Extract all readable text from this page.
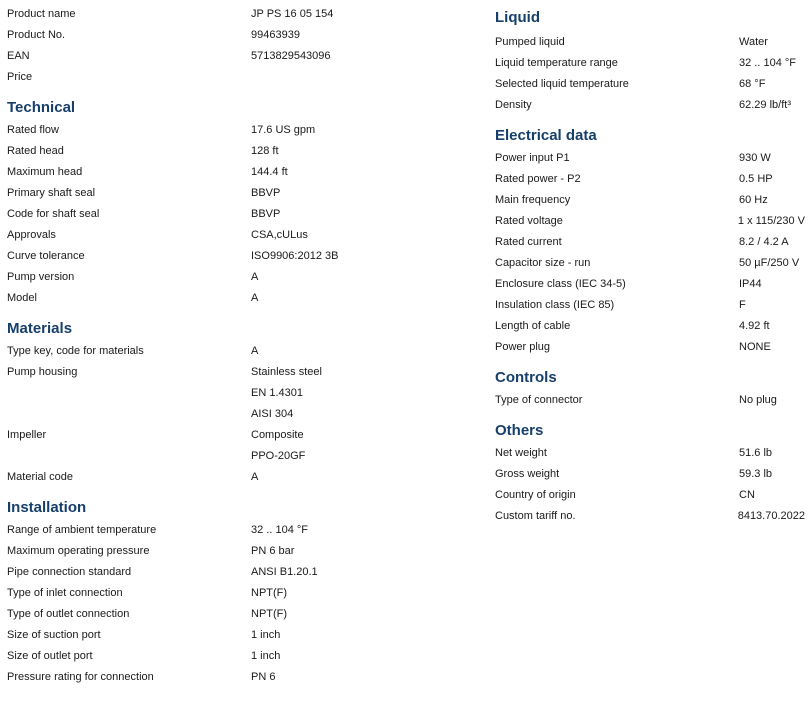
Product name	JP PS 16 05 154
Product No.	99463939
EAN	5713829543096
Price
Technical
Rated flow	17.6 US gpm
Rated head	128 ft
Maximum head	144.4 ft
Primary shaft seal	BBVP
Code for shaft seal	BBVP
Approvals	CSA,cULus
Curve tolerance	ISO9906:2012 3B
Pump version	A
Model	A
Materials
Type key, code for materials	A
Pump housing	Stainless steel
EN 1.4301
AISI 304
Impeller	Composite
PPO-20GF
Material code	A
Installation
Range of ambient temperature	32 .. 104 °F
Maximum operating pressure	PN 6 bar
Pipe connection standard	ANSI B1.20.1
Type of inlet connection	NPT(F)
Type of outlet connection	NPT(F)
Size of suction port	1 inch
Size of outlet port	1 inch
Pressure rating for connection	PN 6
Liquid
Pumped liquid	Water
Liquid temperature range	32 .. 104 °F
Selected liquid temperature	68 °F
Density	62.29 lb/ft³
Electrical data
Power input P1	930 W
Rated power - P2	0.5 HP
Main frequency	60 Hz
Rated voltage	1 x 115/230 V
Rated current	8.2 / 4.2 A
Capacitor size - run	50 µF/250 V
Enclosure class (IEC 34-5)	IP44
Insulation class (IEC 85)	F
Length of cable	4.92 ft
Power plug	NONE
Controls
Type of connector	No plug
Others
Net weight	51.6 lb
Gross weight	59.3 lb
Country of origin	CN
Custom tariff no.	8413.70.2022
